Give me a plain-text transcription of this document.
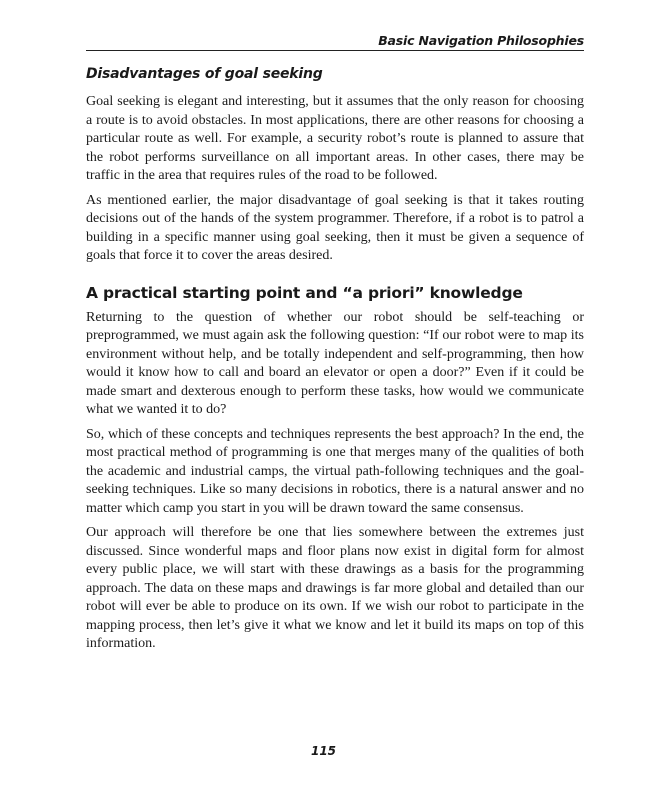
Basic Navigation Philosophies
Disadvantages of goal seeking

Goal seeking is elegant and interesting, but it assumes that the only reason for choosing a route is to avoid obstacles. In most applications, there are other reasons for choosing a particular route as well. For example, a security robot’s route is planned to assure that the robot performs surveillance on all important areas. In other cases, there may be traffic in the area that requires rules of the road to be followed.

As mentioned earlier, the major disadvantage of goal seeking is that it takes routing decisions out of the hands of the system programmer. Therefore, if a robot is to patrol a building in a specific manner using goal seeking, then it must be given a sequence of goals that force it to cover the areas desired.

A practical starting point and “a priori” knowledge

Returning to the question of whether our robot should be self-teaching or preprogrammed, we must again ask the following question: “If our robot were to map its environment without help, and be totally independent and self-programming, then how would it know how to call and board an elevator or open a door?” Even if it could be made smart and dexterous enough to perform these tasks, how would we communicate what we wanted it to do?

So, which of these concepts and techniques represents the best approach? In the end, the most practical method of programming is one that merges many of the qualities of both the academic and industrial camps, the virtual path-following techniques and the goal-seeking techniques. Like so many decisions in robotics, there is a natural answer and no matter which camp you start in you will be drawn toward the same consensus.

Our approach will therefore be one that lies somewhere between the extremes just discussed. Since wonderful maps and floor plans now exist in digital form for almost every public place, we will start with these drawings as a basis for the programming approach. The data on these maps and drawings is far more global and detailed than our robot will ever be able to produce on its own. If we wish our robot to participate in the mapping process, then let’s give it what we know and let it build its maps on top of this information.

115
